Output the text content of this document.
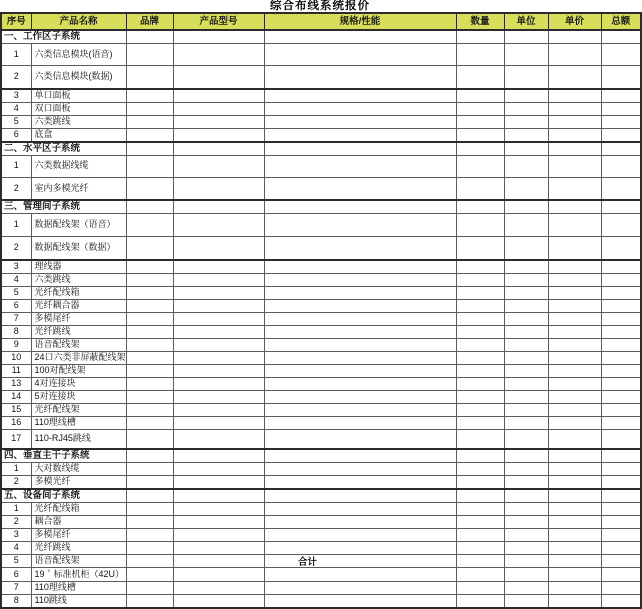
综合布线系统报价
序号	产品名称	品牌	产品型号	规格/性能	数量	单位	单价	总额
一、工作区子系统								
1	六类信息模块(语音)							
2	六类信息模块(数据)							
3	单口面板							
4	双口面板							
5	六类跳线							
6	底盒							
二、水平区子系统								
1	六类数据线缆							
2	室内多模光纤							
三、管理间子系统								
1	数据配线架（语音）							
2	数据配线架（数据）							
3	理线器							
4	六类跳线							
5	光纤配线箱							
6	光纤耦合器							
7	多模尾纤							
8	光纤跳线							
9	语音配线架							
10	24口六类非屏蔽配线架							
11	100对配线架							
13	4对连接块							
14	5对连接块							
15	光纤配线架							
16	110理线槽							
17	110-RJ45跳线							
四、垂直主干子系统								
1	大对数线缆							
2	多模光纤							
五、设备间子系统								
1	光纤配线箱							
2	耦合器							
3	多模尾纤							
4	光纤跳线							
5	语音配线架							
6	19＇标准机柜（42U）							
7	110理线槽							
8	110跳线							
合计
